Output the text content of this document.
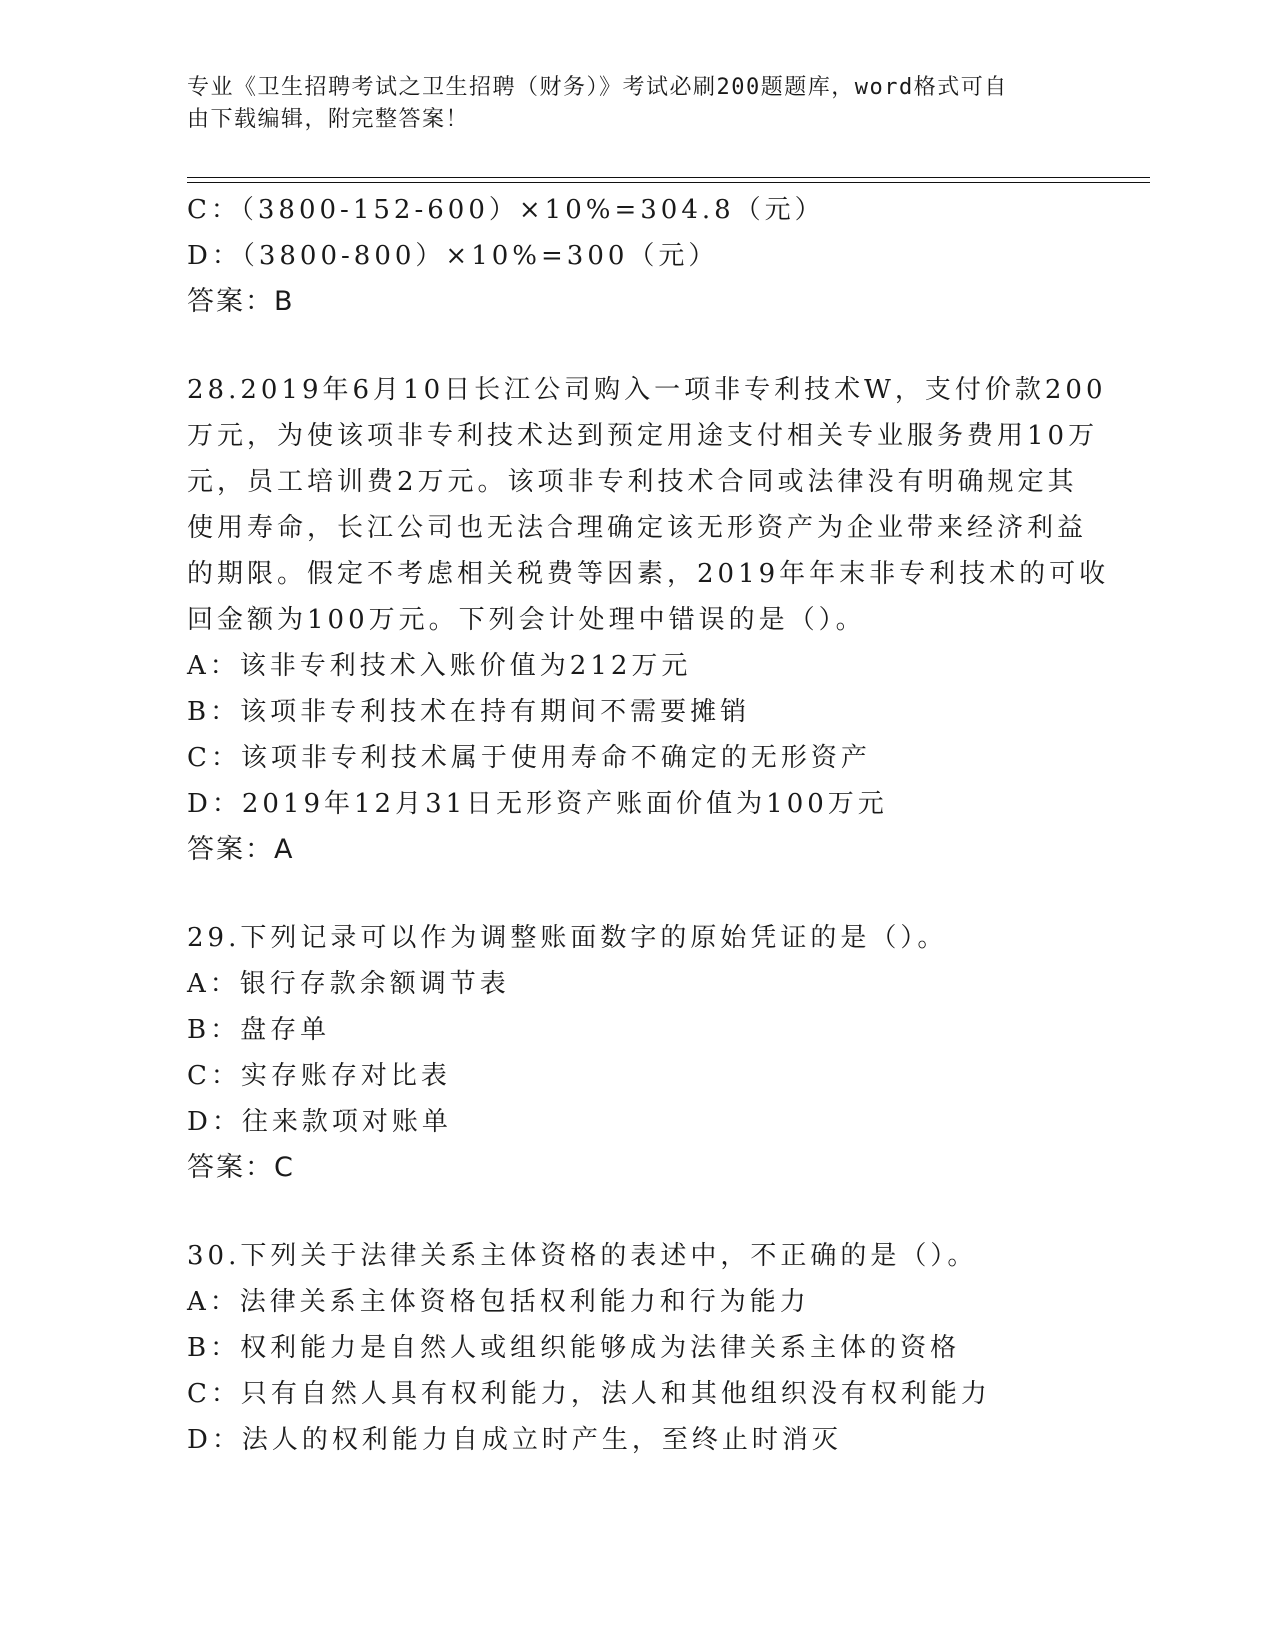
专业《卫生招聘考试之卫生招聘（财务）》考试必刷200题题库，word格式可自
由下载编辑，附完整答案！
C：（3800-152-600）×10%=304.8（元）
D：（3800-800）×10%=300（元）
答案：B
28.2019年6月10日长江公司购入一项非专利技术W，支付价款200
万元，为使该项非专利技术达到预定用途支付相关专业服务费用10万
元，员工培训费2万元。该项非专利技术合同或法律没有明确规定其
使用寿命，长江公司也无法合理确定该无形资产为企业带来经济利益
的期限。假定不考虑相关税费等因素，2019年年末非专利技术的可收
回金额为100万元。下列会计处理中错误的是（）。
A：该非专利技术入账价值为212万元
B：该项非专利技术在持有期间不需要摊销
C：该项非专利技术属于使用寿命不确定的无形资产
D：2019年12月31日无形资产账面价值为100万元
答案：A
29.下列记录可以作为调整账面数字的原始凭证的是（）。
A：银行存款余额调节表
B：盘存单
C：实存账存对比表
D：往来款项对账单
答案：C
30.下列关于法律关系主体资格的表述中，不正确的是（）。
A：法律关系主体资格包括权利能力和行为能力
B：权利能力是自然人或组织能够成为法律关系主体的资格
C：只有自然人具有权利能力，法人和其他组织没有权利能力
D：法人的权利能力自成立时产生，至终止时消灭
